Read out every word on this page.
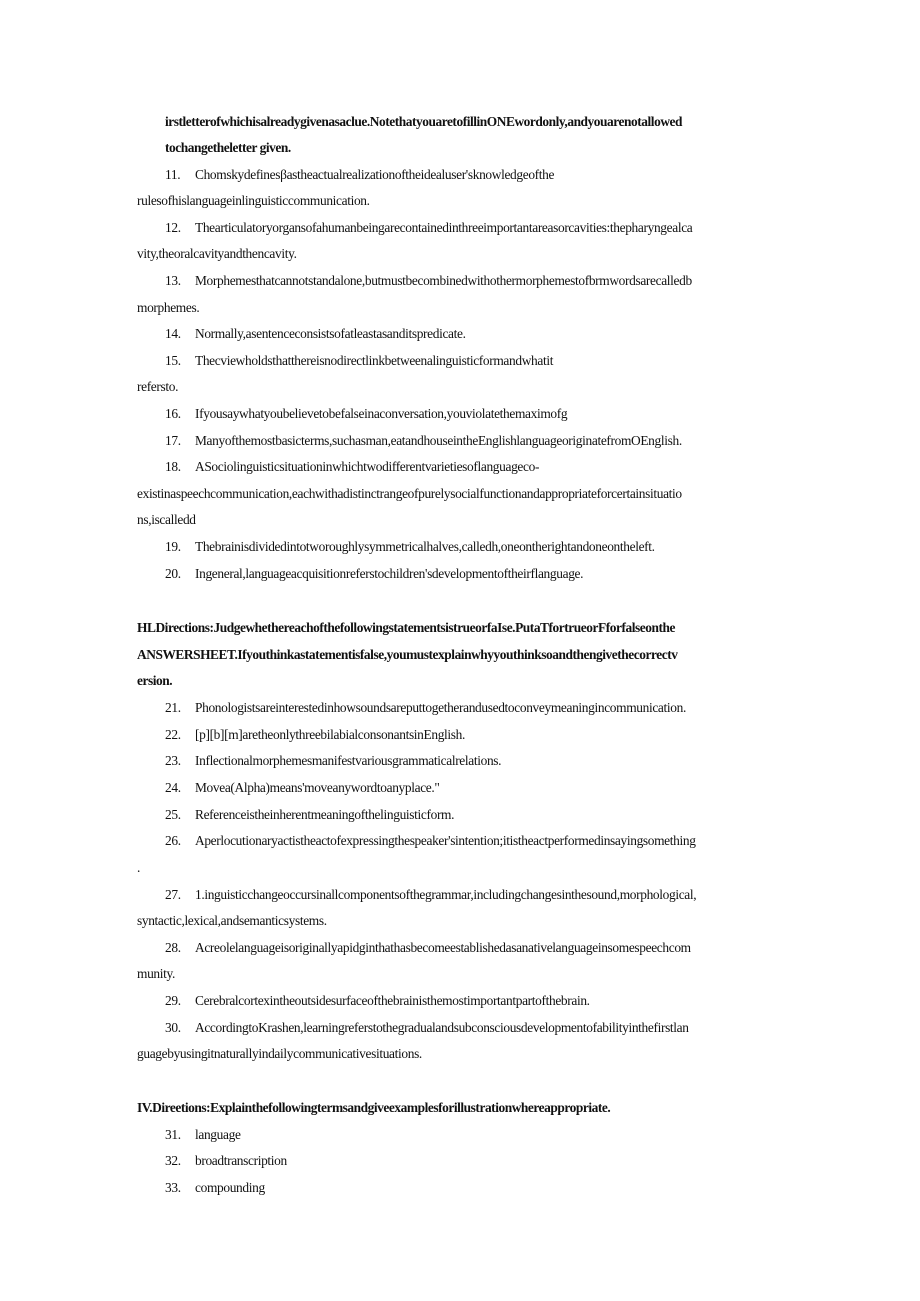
irstletterofwhichisalreadygivenasaclue.NotethatyouaretofillinONEwordonly,andyouarenotallowed
tochangetheletter given.
11. Chomskydefinesβastheactualrealizationoftheidealuser'sknowledgeofthe
rulesofhislanguageinlinguisticcommunication.
12. Thearticulatoryorgansofahumanbeingarecontainedinthreeimportantareasorcavities:thepharyngealca
vity,theoralcavityandthencavity.
13. Morphemesthatcannotstandalone,butmustbecombinedwithothermorphemestofbrmwordsarecalledb
morphemes.
14. Normally,asentenceconsistsofatleastasanditspredicate.
15. Thecviewholdsthatthereisnodirectlinkbetweenalinguisticformandwhatit
refersto.
16. Ifyousaywhatyoubelievetobefalseinaconversation,youviolatethemaximofg
17. Manyofthemostbasicterms,suchasman,eatandhouseintheEnglishlanguageoriginatefromOEnglish.
18. ASociolinguisticsituationinwhichtwodifferentvarietiesoflanguageco-
existinaspeechcommunication,eachwithadistinctrangeofpurelysocialfunctionandappropriateforcertainsituatio
ns,iscalledd
19. Thebrainisdividedintotworoughlysymmetricalhalves,calledh,oneontherightandoneontheleft.
20. Ingeneral,languageacquisitionreferstochildren'sdevelopmentoftheirflanguage.
HLDirections:JudgewhethereachofthefollowingstatementsistrueorfaIse.PutaTfortrueorFforfalseonthe
ANSWERSHEET.Ifyouthinkastatementisfalse,youmustexplainwhyyouthinksoandthengivethecorrectv
ersion.
21. Phonologistsareinterestedinhowsoundsareputtogetherandusedtoconveymeaningincommunication.
22. [p][b][m]aretheonlythreebilabialconsonantsinEnglish.
23. Inflectionalmorphemesmanifestvariousgrammaticalrelations.
24. Movea(Alpha)means'moveanywordtoanyplace."
25. Referenceistheinherentmeaningofthelinguisticform.
26. Aperlocutionaryactistheactofexpressingthespeaker'sintention;itistheactperformedinsayingsomething
.
27. 1.inguisticchangeoccursinallcomponentsofthegrammar,includingchangesinthesound,morphological,
syntactic,lexical,andsemanticsystems.
28. Acreolelanguageisoriginallyapidginthathasbecomeestablishedasanativelanguageinsomespeechcom
munity.
29. Cerebralcortexintheoutsidesurfaceofthebrainisthemostimportantpartofthebrain.
30. AccordingtoKrashen,learningreferstothegradualandsubconsciousdevelopmentofabilityinthefirstlan
guagebyusingitnaturallyindailycommunicativesituations.
IV.Direetions:Explainthefollowingtermsandgiveexamplesforillustrationwhereappropriate.
31. language
32. broadtranscription
33. compounding
